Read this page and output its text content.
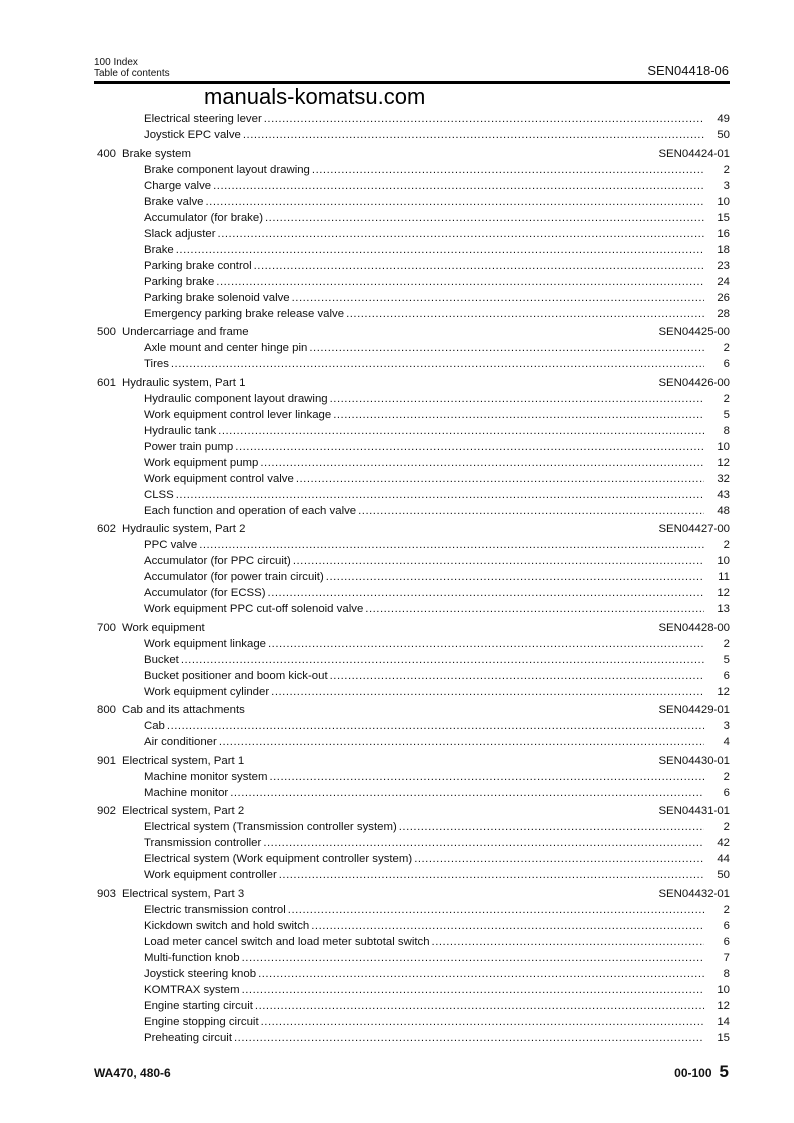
100 Index
Table of contents	SEN04418-06
manuals-komatsu.com
Electrical steering lever .....	49
Joystick EPC valve .....	50
400 Brake system	SEN04424-01
Brake component layout drawing .....	2
Charge valve .....	3
Brake valve .....	10
Accumulator (for brake) .....	15
Slack adjuster .....	16
Brake .....	18
Parking brake control .....	23
Parking brake .....	24
Parking brake solenoid valve .....	26
Emergency parking brake release valve .....	28
500 Undercarriage and frame	SEN04425-00
Axle mount and center hinge pin .....	2
Tires .....	6
601 Hydraulic system, Part 1	SEN04426-00
Hydraulic component layout drawing .....	2
Work equipment control lever linkage .....	5
Hydraulic tank .....	8
Power train pump .....	10
Work equipment pump .....	12
Work equipment control valve .....	32
CLSS .....	43
Each function and operation of each valve .....	48
602 Hydraulic system, Part 2	SEN04427-00
PPC valve .....	2
Accumulator (for PPC circuit) .....	10
Accumulator (for power train circuit) .....	11
Accumulator (for ECSS) .....	12
Work equipment PPC cut-off solenoid valve .....	13
700 Work equipment	SEN04428-00
Work equipment linkage .....	2
Bucket .....	5
Bucket positioner and boom kick-out .....	6
Work equipment cylinder .....	12
800 Cab and its attachments	SEN04429-01
Cab .....	3
Air conditioner .....	4
901 Electrical system, Part 1	SEN04430-01
Machine monitor system .....	2
Machine monitor .....	6
902 Electrical system, Part 2	SEN04431-01
Electrical system (Transmission controller system) .....	2
Transmission controller .....	42
Electrical system (Work equipment controller system) .....	44
Work equipment controller .....	50
903 Electrical system, Part 3	SEN04432-01
Electric transmission control .....	2
Kickdown switch and hold switch .....	6
Load meter cancel switch and load meter subtotal switch .....	6
Multi-function knob .....	7
Joystick steering knob .....	8
KOMTRAX system .....	10
Engine starting circuit .....	12
Engine stopping circuit .....	14
Preheating circuit .....	15
WA470, 480-6	00-100 5
